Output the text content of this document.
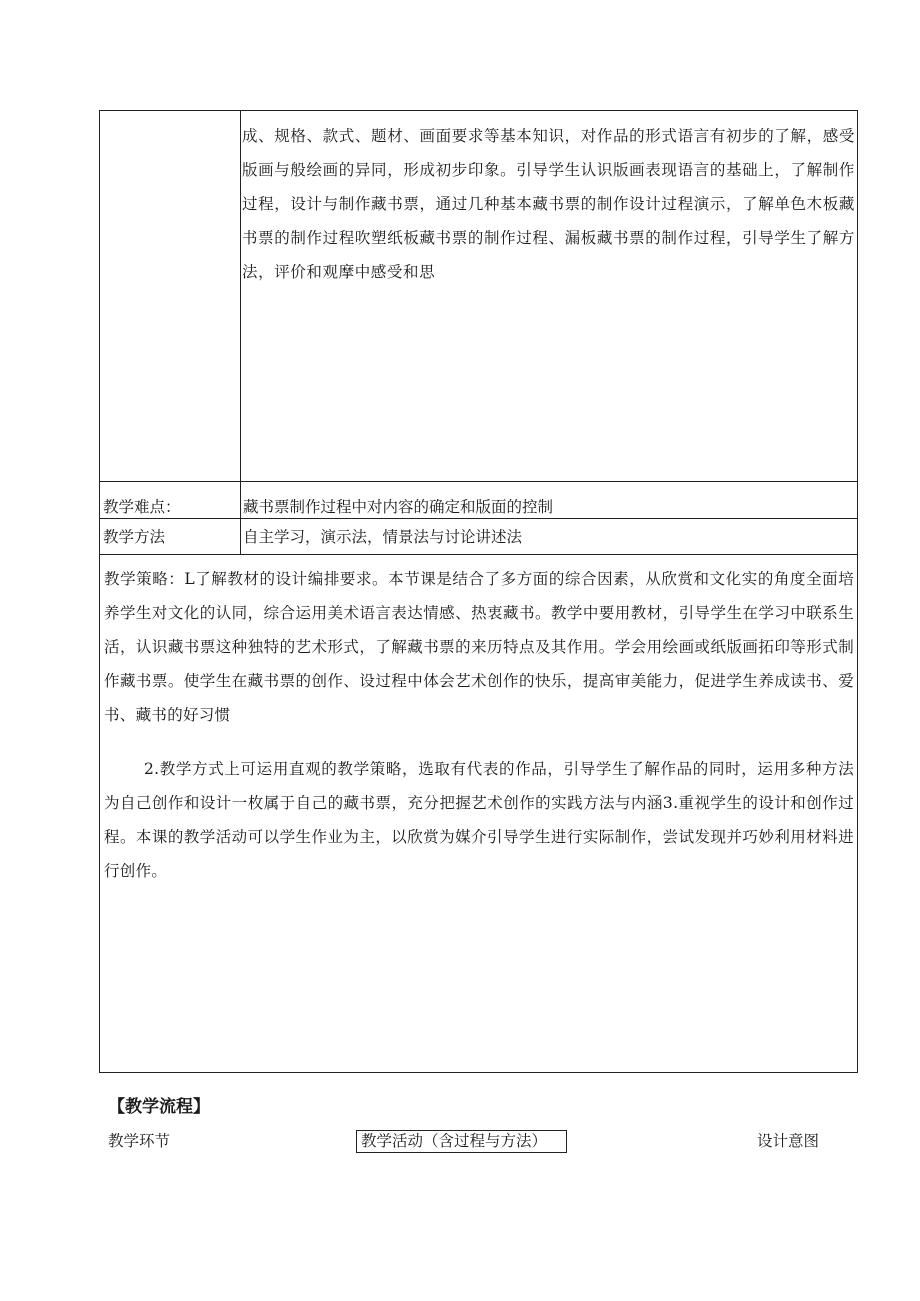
成、规格、款式、题材、画面要求等基本知识，对作品的形式语言有初步的了解，感受版画与般绘画的异同，形成初步印象。引导学生认识版画表现语言的基础上，了解制作过程，设计与制作藏书票，通过几种基本藏书票的制作设计过程演示，了解单色木板藏书票的制作过程吹塑纸板藏书票的制作过程、漏板藏书票的制作过程，引导学生了解方法，评价和观摩中感受和思
教学难点：	藏书票制作过程中对内容的确定和版面的控制
教学方法	自主学习，演示法，情景法与讨论讲述法
教学策略：L了解教材的设计编排要求。本节课是结合了多方面的综合因素，从欣赏和文化实的角度全面培养学生对文化的认同，综合运用美术语言表达情感、热衷藏书。教学中要用教材，引导学生在学习中联系生活，认识藏书票这种独特的艺术形式，了解藏书票的来历特点及其作用。学会用绘画或纸版画拓印等形式制作藏书票。使学生在藏书票的创作、设过程中体会艺术创作的快乐，提高审美能力，促进学生养成读书、爱书、藏书的好习惯
2.教学方式上可运用直观的教学策略，选取有代表的作品，引导学生了解作品的同时，运用多种方法为自己创作和设计一枚属于自己的藏书票，充分把握艺术创作的实践方法与内涵3.重视学生的设计和创作过程。本课的教学活动可以学生作业为主，以欣赏为媒介引导学生进行实际制作，尝试发现并巧妙利用材料进行创作。
【教学流程】
教学环节	教学活动（含过程与方法）	设计意图
